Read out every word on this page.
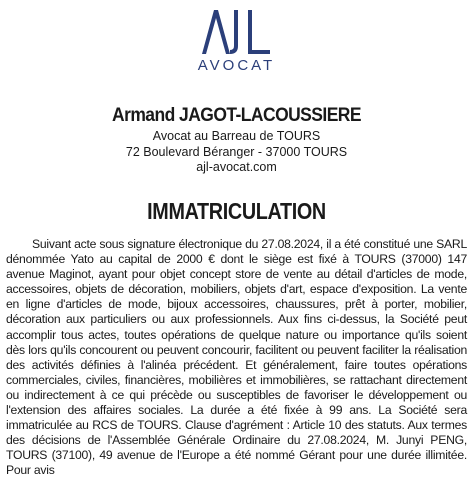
AVOCAT
Armand JAGOT-LACOUSSIERE
Avocat au Barreau de TOURS
72 Boulevard Béranger - 37000 TOURS
ajl-avocat.com
IMMATRICULATION

Suivant acte sous signature électronique du 27.08.2024, il a été constitué une SARL dénommée Yato au capital de 2000 € dont le siège est fixé à TOURS (37000) 147 avenue Maginot, ayant pour objet concept store de vente au détail d'articles de mode, accessoires, objets de décoration, mobiliers, objets d'art, espace d'exposition. La vente en ligne d'articles de mode, bijoux accessoires, chaussures, prêt à porter, mobilier, décoration aux particuliers ou aux professionnels. Aux fins ci-dessus, la Société peut accomplir tous actes, toutes opérations de quelque nature ou importance qu'ils soient dès lors qu'ils concourent ou peuvent concourir, facilitent ou peuvent faciliter la réalisation des activités définies à l'alinéa précédent. Et généralement, faire toutes opérations commerciales, civiles, financières, mobilières et immobilières, se rattachant directement ou indirectement à ce qui précède ou susceptibles de favoriser le développement ou l'extension des affaires sociales. La durée a été fixée à 99 ans. La Société sera immatriculée au RCS de TOURS. Clause d'agrément : Article 10 des statuts. Aux termes des décisions de l'Assemblée Générale Ordinaire du 27.08.2024, M. Junyi PENG, TOURS (37100), 49 avenue de l'Europe a été nommé Gérant pour une durée illimitée. Pour avis
